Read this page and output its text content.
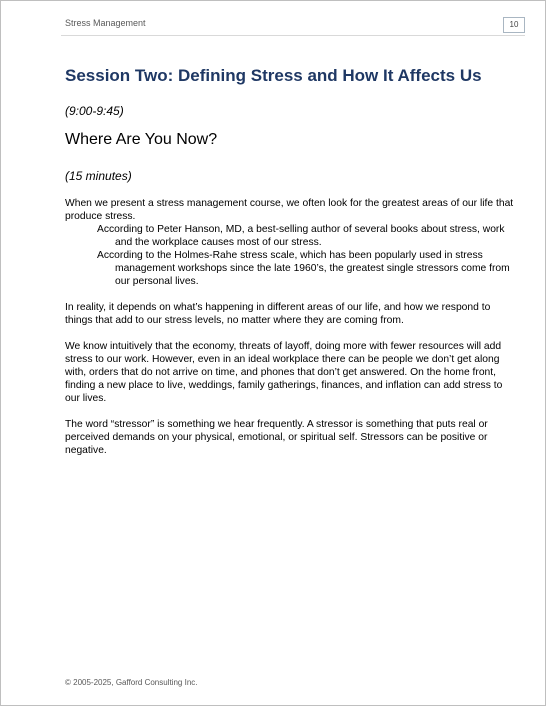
Stress Management	10
Session Two: Defining Stress and How It Affects Us
(9:00-9:45)
Where Are You Now?
(15 minutes)

When we present a stress management course, we often look for the greatest areas of our life that produce stress.

According to Peter Hanson, MD, a best-selling author of several books about stress, work and the workplace causes most of our stress.
According to the Holmes-Rahe stress scale, which has been popularly used in stress management workshops since the late 1960’s, the greatest single stressors come from our personal lives.

In reality, it depends on what’s happening in different areas of our life, and how we respond to things that add to our stress levels, no matter where they are coming from.

We know intuitively that the economy, threats of layoff, doing more with fewer resources will add stress to our work. However, even in an ideal workplace there can be people we don’t get along with, orders that do not arrive on time, and phones that don’t get answered. On the home front, finding a new place to live, weddings, family gatherings, finances, and inflation can add stress to our lives.

The word “stressor” is something we hear frequently. A stressor is something that puts real or perceived demands on your physical, emotional, or spiritual self. Stressors can be positive or negative.

© 2005-2025, Gafford Consulting Inc.
